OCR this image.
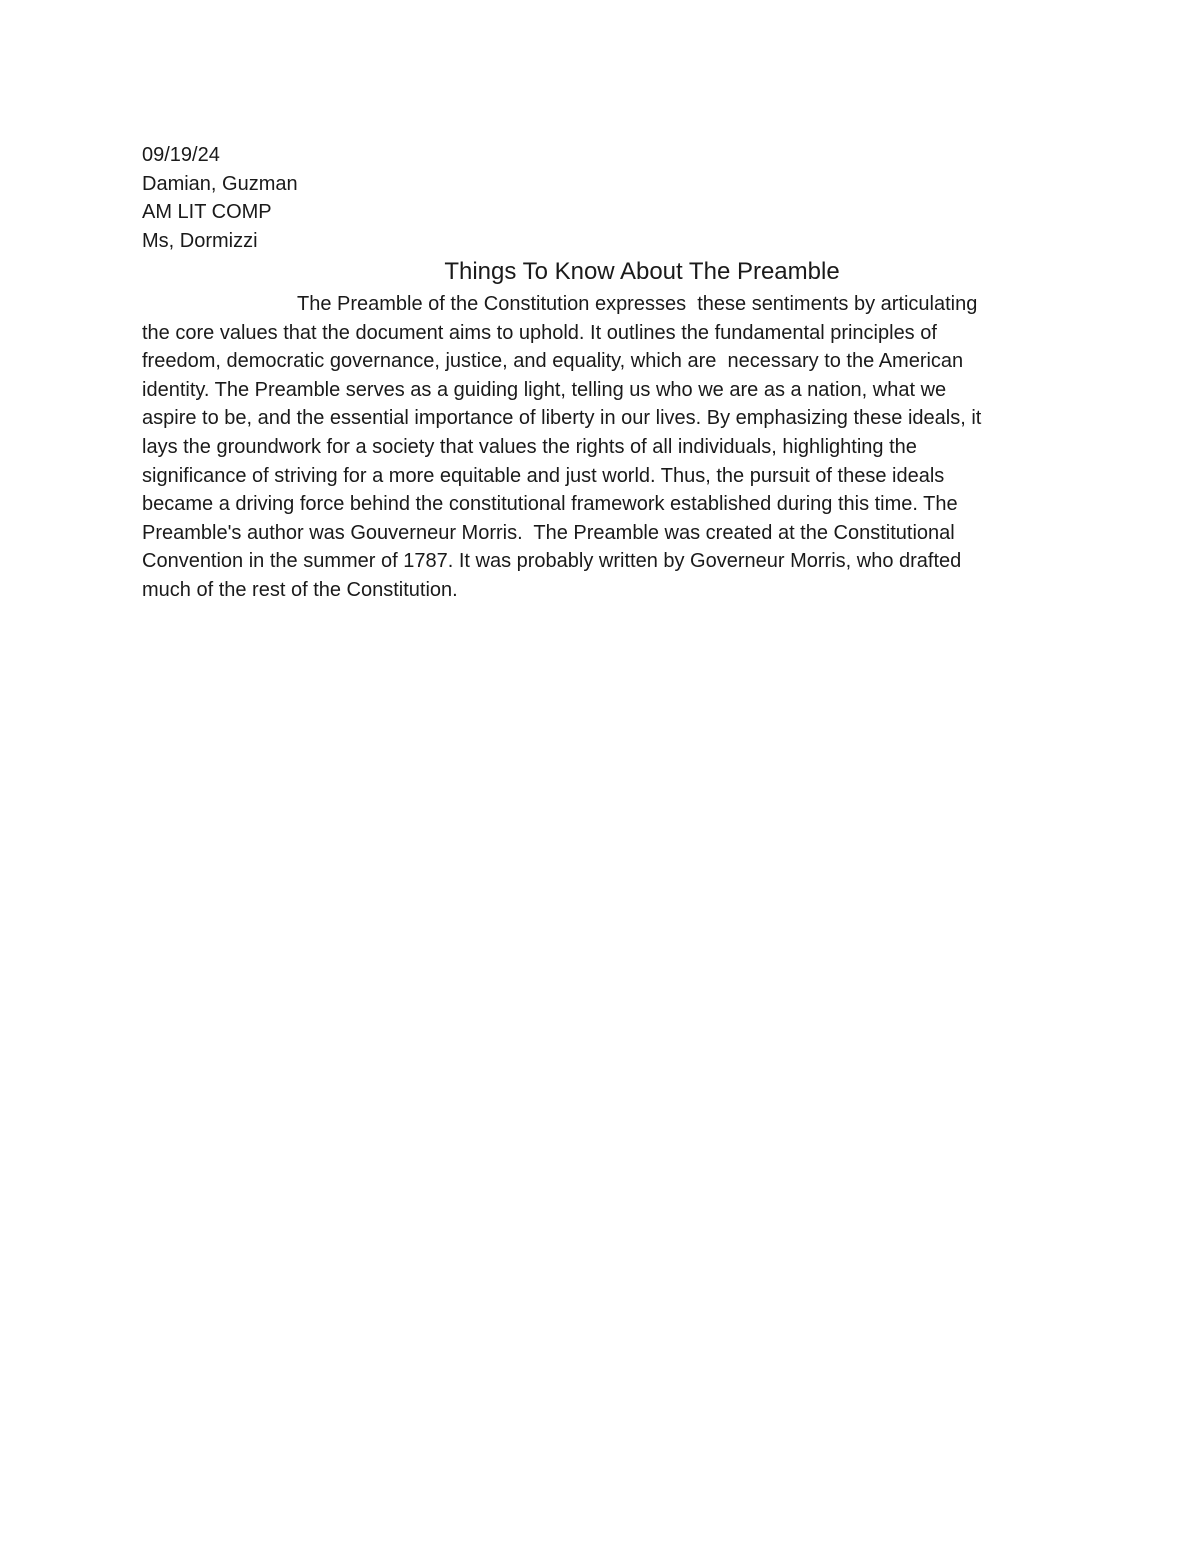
09/19/24
Damian, Guzman
AM LIT COMP
Ms, Dormizzi
Things To Know About The Preamble
The Preamble of the Constitution expresses  these sentiments by articulating
the core values that the document aims to uphold. It outlines the fundamental principles of
freedom, democratic governance, justice, and equality, which are  necessary to the American
identity. The Preamble serves as a guiding light, telling us who we are as a nation, what we
aspire to be, and the essential importance of liberty in our lives. By emphasizing these ideals, it
lays the groundwork for a society that values the rights of all individuals, highlighting the
significance of striving for a more equitable and just world. Thus, the pursuit of these ideals
became a driving force behind the constitutional framework established during this time. The
Preamble's author was Gouverneur Morris.  The Preamble was created at the Constitutional
Convention in the summer of 1787. It was probably written by Governeur Morris, who drafted
much of the rest of the Constitution.
